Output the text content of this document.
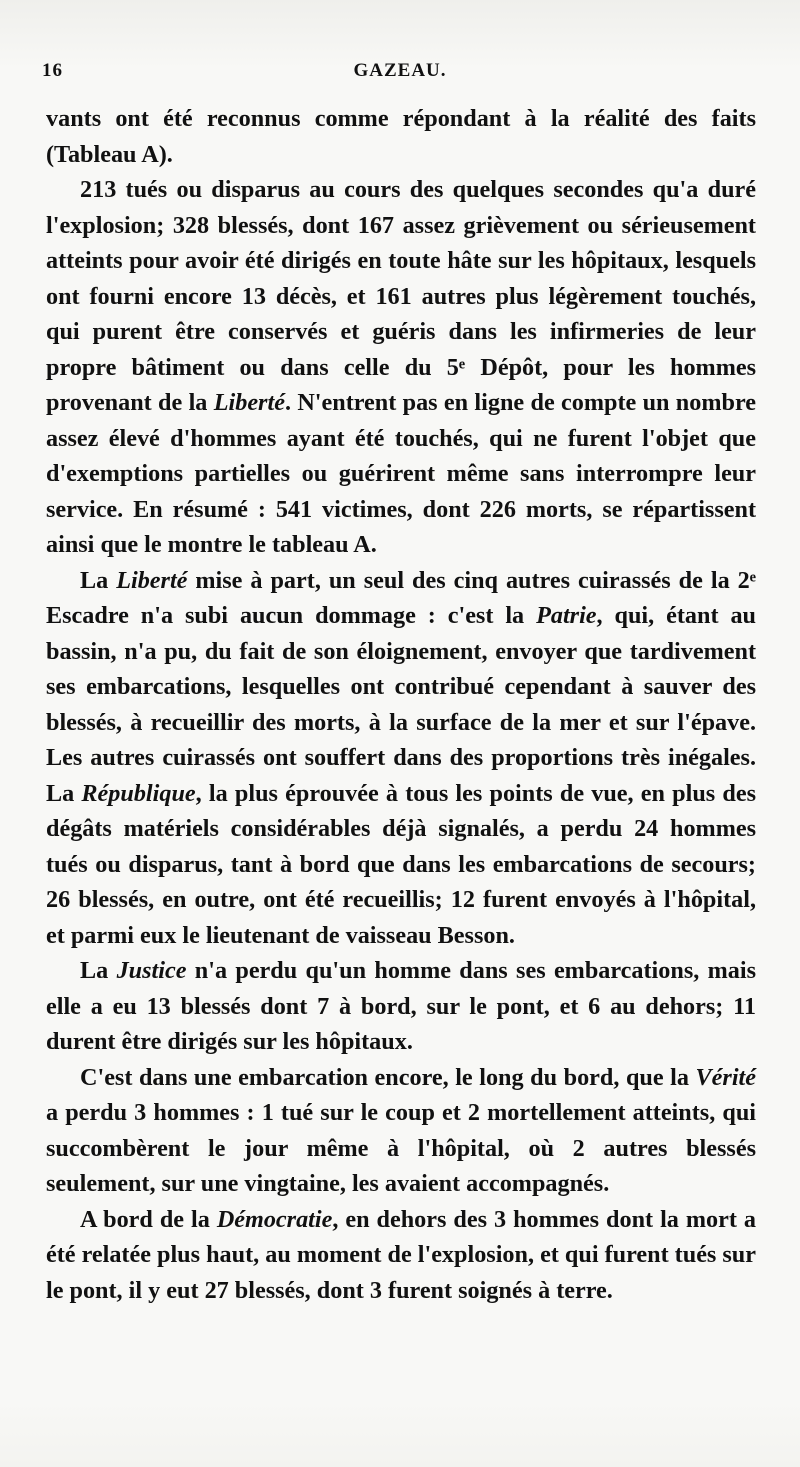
16	GAZEAU.

vants ont été reconnus comme répondant à la réalité des faits (Tableau A).

213 tués ou disparus au cours des quelques secondes qu'a duré l'explosion; 328 blessés, dont 167 assez grièvement ou sérieusement atteints pour avoir été dirigés en toute hâte sur les hôpitaux, lesquels ont fourni encore 13 décès, et 161 autres plus légèrement touchés, qui purent être conservés et guéris dans les infirmeries de leur propre bâtiment ou dans celle du 5ᵉ Dépôt, pour les hommes provenant de la Liberté. N'entrent pas en ligne de compte un nombre assez élevé d'hommes ayant été touchés, qui ne furent l'objet que d'exemptions partielles ou guérirent même sans interrompre leur service. En résumé : 541 victimes, dont 226 morts, se répartissent ainsi que le montre le tableau A.

La Liberté mise à part, un seul des cinq autres cuirassés de la 2ᵉ Escadre n'a subi aucun dommage : c'est la Patrie, qui, étant au bassin, n'a pu, du fait de son éloignement, envoyer que tardivement ses embarcations, lesquelles ont contribué cependant à sauver des blessés, à recueillir des morts, à la surface de la mer et sur l'épave. Les autres cuirassés ont souffert dans des proportions très inégales. La République, la plus éprouvée à tous les points de vue, en plus des dégâts matériels considérables déjà signalés, a perdu 24 hommes tués ou disparus, tant à bord que dans les embarcations de secours; 26 blessés, en outre, ont été recueillis; 12 furent envoyés à l'hôpital, et parmi eux le lieutenant de vaisseau Besson.

La Justice n'a perdu qu'un homme dans ses embarcations, mais elle a eu 13 blessés dont 7 à bord, sur le pont, et 6 au dehors; 11 durent être dirigés sur les hôpitaux.

C'est dans une embarcation encore, le long du bord, que la Vérité a perdu 3 hommes : 1 tué sur le coup et 2 mortellement atteints, qui succombèrent le jour même à l'hôpital, où 2 autres blessés seulement, sur une vingtaine, les avaient accompagnés.

A bord de la Démocratie, en dehors des 3 hommes dont la mort a été relatée plus haut, au moment de l'explosion, et qui furent tués sur le pont, il y eut 27 blessés, dont 3 furent soignés à terre.
